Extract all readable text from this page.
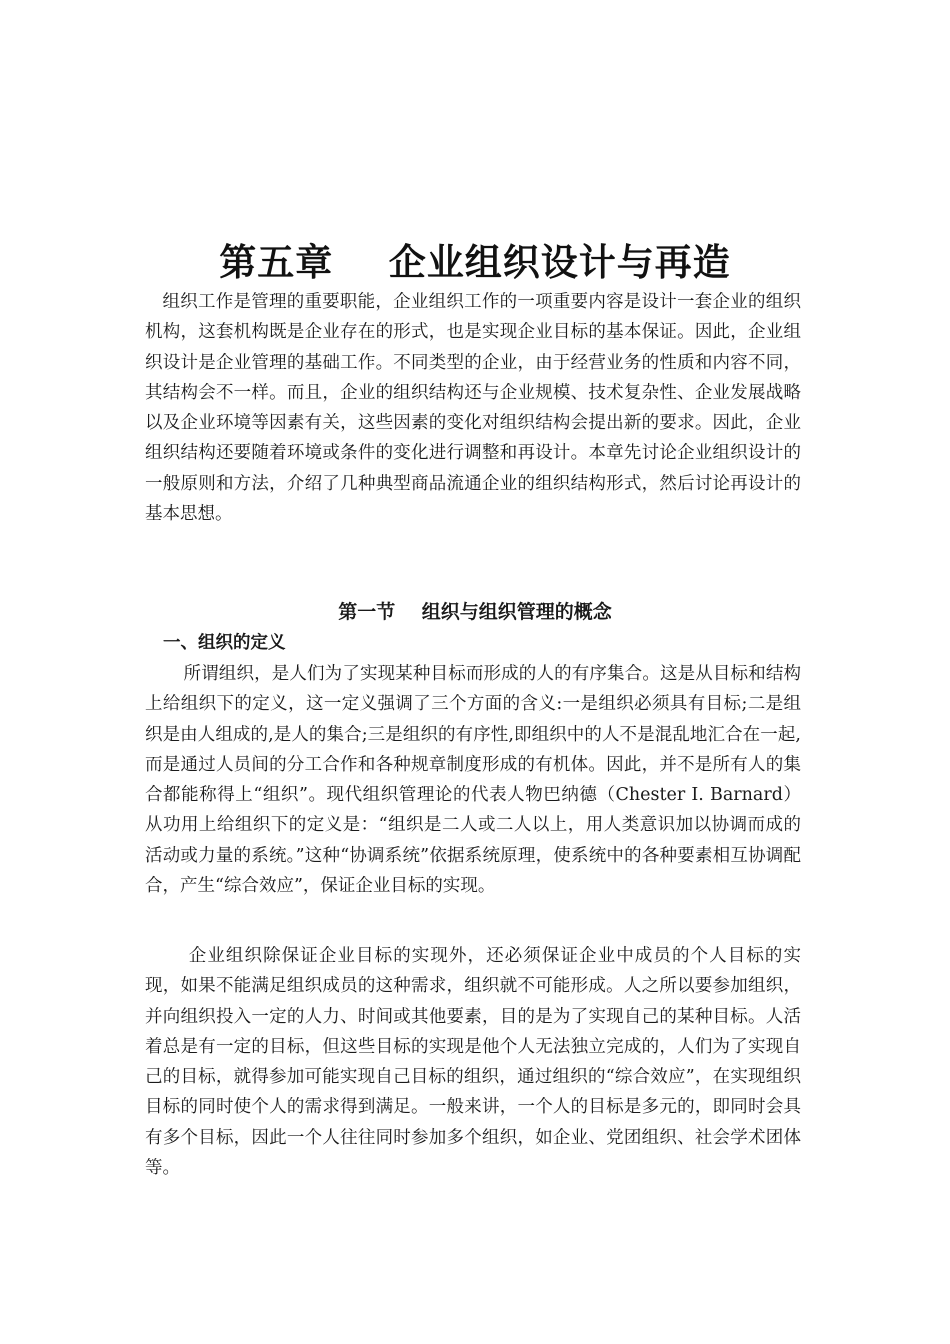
第五章    企业组织设计与再造

组织工作是管理的重要职能，企业组织工作的一项重要内容是设计一套企业的组织机构，这套机构既是企业存在的形式，也是实现企业目标的基本保证。因此，企业组织设计是企业管理的基础工作。不同类型的企业，由于经营业务的性质和内容不同，其结构会不一样。而且，企业的组织结构还与企业规模、技术复杂性、企业发展战略以及企业环境等因素有关，这些因素的变化对组织结构会提出新的要求。因此，企业组织结构还要随着环境或条件的变化进行调整和再设计。本章先讨论企业组织设计的一般原则和方法，介绍了几种典型商品流通企业的组织结构形式，然后讨论再设计的基本思想。

第一节    组织与组织管理的概念
一、组织的定义

所谓组织，是人们为了实现某种目标而形成的人的有序集合。这是从目标和结构上给组织下的定义，这一定义强调了三个方面的含义:一是组织必须具有目标;二是组织是由人组成的,是人的集合;三是组织的有序性,即组织中的人不是混乱地汇合在一起, 而是通过人员间的分工合作和各种规章制度形成的有机体。因此，并不是所有人的集合都能称得上“组织”。现代组织管理论的代表人物巴纳德（Chester I. Barnard）从功用上给组织下的定义是：“组织是二人或二人以上，用人类意识加以协调而成的活动或力量的系统。”这种“协调系统”依据系统原理，使系统中的各种要素相互协调配合，产生“综合效应”，保证企业目标的实现。

企业组织除保证企业目标的实现外，还必须保证企业中成员的个人目标的实现，如果不能满足组织成员的这种需求，组织就不可能形成。人之所以要参加组织，并向组织投入一定的人力、时间或其他要素，目的是为了实现自己的某种目标。人活着总是有一定的目标，但这些目标的实现是他个人无法独立完成的，人们为了实现自己的目标，就得参加可能实现自己目标的组织，通过组织的“综合效应”，在实现组织目标的同时使个人的需求得到满足。一般来讲，一个人的目标是多元的，即同时会具有多个目标，因此一个人往往同时参加多个组织，如企业、党团组织、社会学术团体等。
